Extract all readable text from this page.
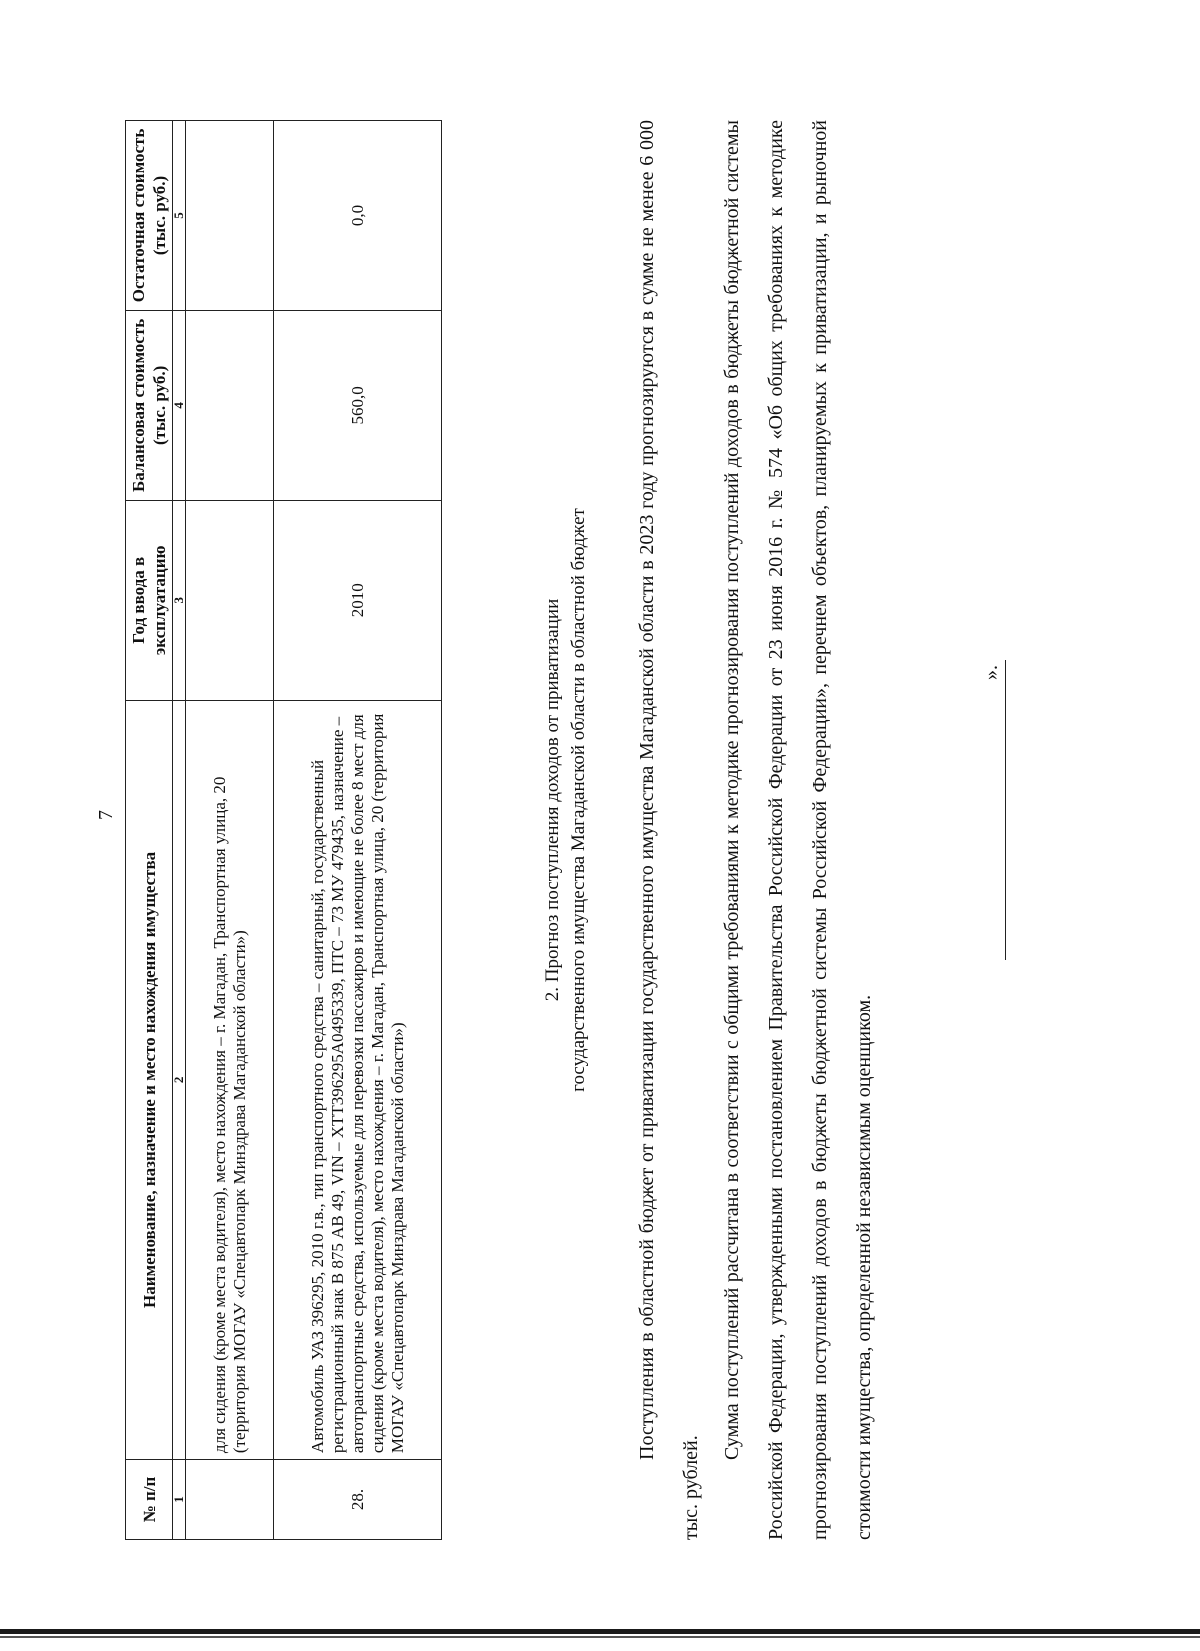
7
№ п/п	Наименование, назначение и место нахождения имущества	Год ввода в эксплуатацию	Балансовая стоимость (тыс. руб.)	Остаточная стоимость (тыс. руб.)
1	2	3	4	5
	для сидения (кроме места водителя), место нахождения – г. Магадан, Транспортная улица, 20 (территория МОГАУ «Спецавтопарк Минздрава Магаданской области»)			
28.	Автомобиль УАЗ 396295, 2010 г.в., тип транспортного средства – санитарный, государственный регистрационный знак В 875 АВ 49, VIN – ХТТ396295А0495339, ПТС – 73 МУ 479435, назначение – автотранспортные средства, используемые для перевозки пассажиров и имеющие не более 8 мест для сидения (кроме места водителя), место нахождения – г. Магадан, Транспортная улица, 20 (территория МОГАУ «Спецавтопарк Минздрава Магаданской области»)	2010	560,0	0,0
2. Прогноз поступления доходов от приватизации государственного имущества Магаданской области в областной бюджет	Поступления в областной бюджет от приватизации государственного имущества Магаданской области в 2023 году прогнозируются в сумме не менее 6 000 тыс. рублей.
Сумма поступлений рассчитана в соответствии с общими требованиями к методике прогнозирования поступлений доходов в бюджеты бюджетной системы Российской Федерации, утвержденными постановлением Правительства Российской Федерации от 23 июня 2016 г. № 574 «Об общих требованиях к методике прогнозирования поступлений доходов в бюджеты бюджетной системы Российской Федерации», перечнем объектов, планируемых к приватизации, и рыночной стоимости имущества, определенной независимым оценщиком.
».
